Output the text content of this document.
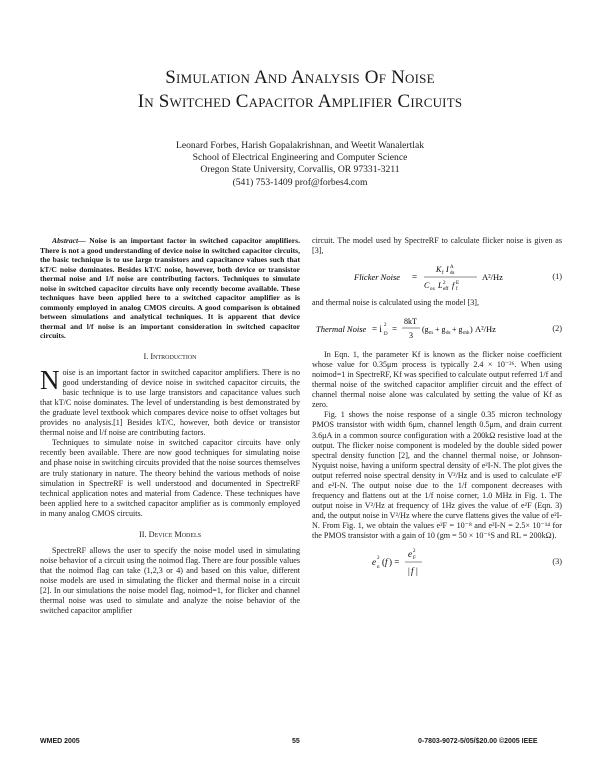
Simulation And Analysis Of Noise
In Switched Capacitor Amplifier Circuits
Leonard Forbes, Harish Gopalakrishnan, and Weetit Wanalertlak
School of Electrical Engineering and Computer Science
Oregon State University, Corvallis, OR 97331-3211
(541) 753-1409 prof@forbes4.com

Abstract— Noise is an important factor in switched capacitor amplifiers. There is not a good understanding of device noise in switched capacitor circuits, the basic technique is to use large transistors and capacitance values such that kT/C noise dominates. Besides kT/C noise, however, both device or transistor thermal noise and 1/f noise are contributing factors. Techniques to simulate noise in switched capacitor circuits have only recently become available. These techniques have been applied here to a switched capacitor amplifier as is commonly employed in analog CMOS circuits. A good comparison is obtained between simulations and analytical techniques. It is apparent that device thermal and l/f noise is an important consideration in switched capacitor circuits.

I. Introduction

Noise is an important factor in switched capacitor amplifiers. There is no good understanding of device noise in switched capacitor circuits, the basic technique is to use large transistors and capacitance values such that kT/C noise dominates. The level of understanding is best demonstrated by the graduate level textbook which compares device noise to offset voltages but provides no analysis.[1] Besides kT/C, however, both device or transistor thermal noise and l/f noise are contributing factors.

Techniques to simulate noise in switched capacitor circuits have only recently been available. There are now good techniques for simulating noise and phase noise in switching circuits provided that the noise sources themselves are truly stationary in nature. The theory behind the various methods of noise simulation in SpectreRF is well understood and documented in SpectreRF technical application notes and material from Cadence. These techniques have been applied here to a switched capacitor amplifier as is commonly employed in many analog CMOS circuits.

II. Device Models

SpectreRF allows the user to specify the noise model used in simulating noise behavior of a circuit using the noimod flag. There are four possible values that the noimod flag can take (1,2,3 or 4) and based on this value, different noise models are used in simulating the flicker and thermal noise in a circuit [2]. In our simulations the noise model flag, noimod=1, for flicker and channel thermal noise was used to simulate and analyze the noise behavior of the switched capacitor amplifier

circuit. The model used by SpectreRF to calculate flicker noise is given as [3],

Flicker Noise =
K f I A
ds
C ox L 2
eff f E
f
A²/Hz	(1)

and thermal noise is calculated using the model [3],

Thermal Noise = i 2
D
=
8kT
3
(g m + g ds + g mb ) A²/Hz	(2)

In Eqn. 1, the parameter Kf is known as the flicker noise coefficient whose value for 0.35μm process is typically 2.4 × 10⁻²⁶. When using noimod=1 in SpectreRF, Kf was specified to calculate output referred 1/f and thermal noise of the switched capacitor amplifier circuit and the effect of channel thermal noise alone was calculated by setting the value of Kf as zero.

Fig. 1 shows the noise response of a single 0.35 micron technology PMOS transistor with width 6μm, channel length 0.5μm, and drain current 3.6μA in a common source configuration with a 200kΩ resistive load at the output. The flicker noise component is modeled by the double sided power spectral density function [2], and the channel thermal noise, or Johnson-Nyquist noise, having a uniform spectral density of e²I-N. The plot gives the output referred noise spectral density in V²/Hz and is used to calculate e²F and e²I-N. The output noise due to the 1/f component decreases with frequency and flattens out at the 1/f noise corner, 1.0 MHz in Fig. 1. The output noise in V²/Hz at frequency of 1Hz gives the value of e²F (Eqn. 3) and, the output noise in V²/Hz where the curve flattens gives the value of e²I-N. From Fig. 1, we obtain the values e²F = 10⁻⁸ and e²I-N = 2.5× 10⁻¹⁴ for the PMOS transistor with a gain of 10 (gm = 50 × 10⁻⁶S and RL = 200kΩ).

e 2
n
( f ) =
e 2
F
| f |
(3)
WMED 2005	55	0-7803-9072-5/05/$20.00 ©2005 IEEE
